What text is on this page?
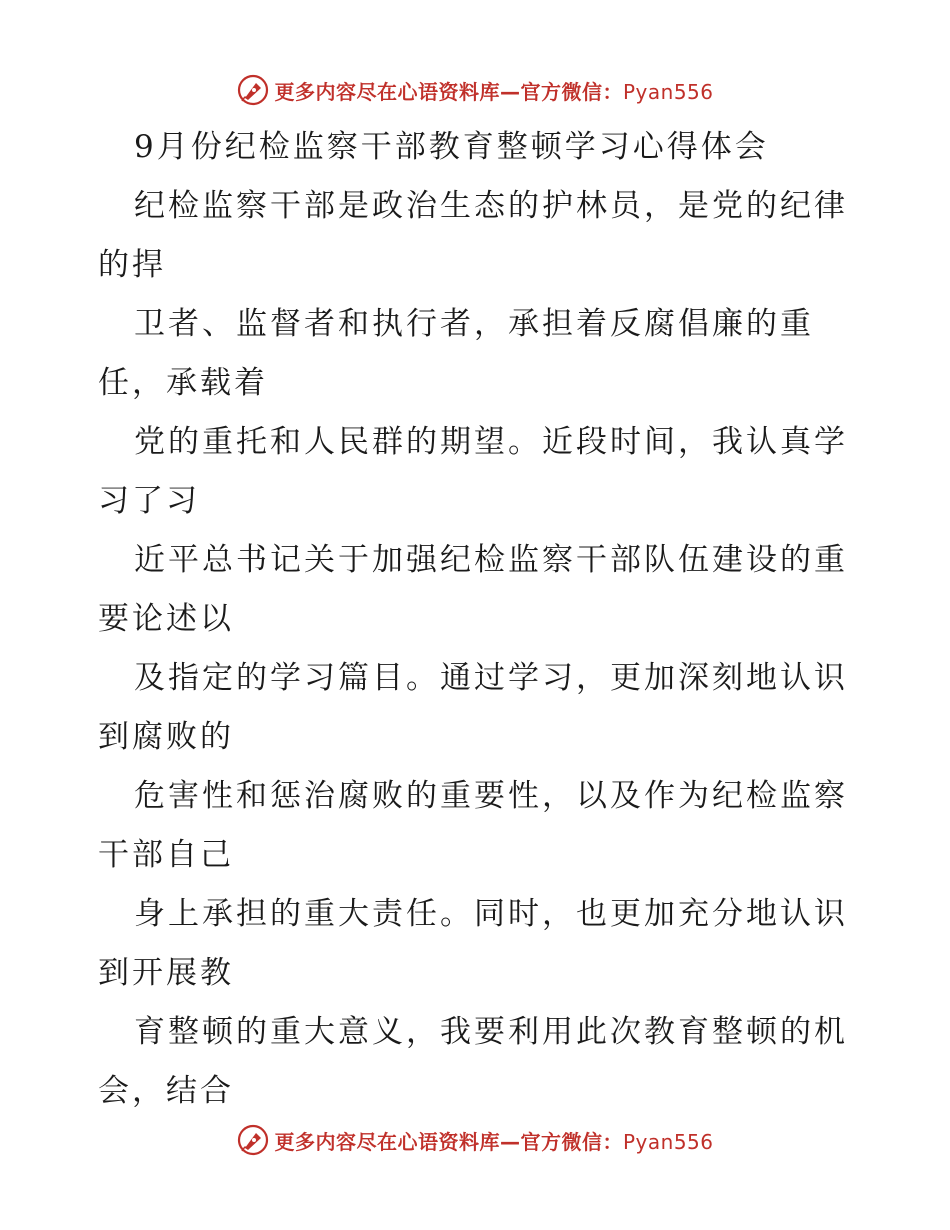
更多内容尽在心语资料库—官方微信：Pyan556
9月份纪检监察干部教育整顿学习心得体会
纪检监察干部是政治生态的护林员，是党的纪律
的捍
卫者、监督者和执行者，承担着反腐倡廉的重
任，承载着
党的重托和人民群的期望。近段时间，我认真学
习了习
近平总书记关于加强纪检监察干部队伍建设的重
要论述以
及指定的学习篇目。通过学习，更加深刻地认识
到腐败的
危害性和惩治腐败的重要性，以及作为纪检监察
干部自己
身上承担的重大责任。同时，也更加充分地认识
到开展教
育整顿的重大意义，我要利用此次教育整顿的机
会，结合
更多内容尽在心语资料库—官方微信：Pyan556
